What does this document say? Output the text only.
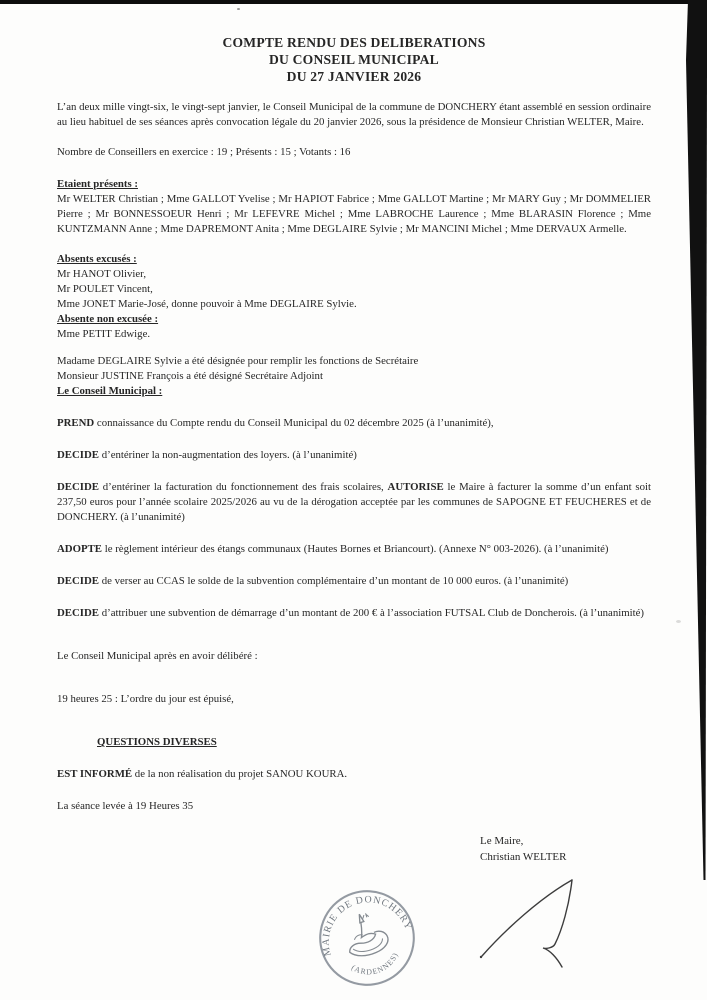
COMPTE RENDU DES DELIBERATIONS
DU CONSEIL MUNICIPAL
DU 27 JANVIER 2026

L’an deux mille vingt-six, le vingt-sept janvier, le Conseil Municipal de la commune de DONCHERY étant assemblé en session ordinaire au lieu habituel de ses séances après convocation légale du 20 janvier 2026, sous la présidence de Monsieur Christian WELTER, Maire.

Nombre de Conseillers en exercice : 19 ; Présents : 15 ; Votants : 16

Etaient présents :

Mr WELTER Christian ; Mme GALLOT Yvelise ; Mr HAPIOT Fabrice ; Mme GALLOT Martine ; Mr MARY Guy ; Mr DOMMELIER Pierre ; Mr BONNESSOEUR Henri ; Mr LEFEVRE Michel ; Mme LABROCHE Laurence ; Mme BLARASIN Florence ; Mme KUNTZMANN Anne ; Mme DAPREMONT Anita ; Mme DEGLAIRE Sylvie ; Mr MANCINI Michel ; Mme DERVAUX Armelle.

Absents excusés :

Mr HANOT Olivier,

Mr POULET Vincent,

Mme JONET Marie-José, donne pouvoir à Mme DEGLAIRE Sylvie.

Absente non excusée :

Mme PETIT Edwige.

Madame DEGLAIRE Sylvie a été désignée pour remplir les fonctions de Secrétaire

Monsieur JUSTINE François a été désigné Secrétaire Adjoint

Le Conseil Municipal :

PREND connaissance du Compte rendu du Conseil Municipal du 02 décembre 2025 (à l’unanimité),

DECIDE d’entériner la non-augmentation des loyers. (à l’unanimité)

DECIDE d’entériner la facturation du fonctionnement des frais scolaires, AUTORISE le Maire à facturer la somme d’un enfant soit 237,50 euros pour l’année scolaire 2025/2026 au vu de la dérogation acceptée par les communes de SAPOGNE ET FEUCHERES et de DONCHERY. (à l’unanimité)

ADOPTE le règlement intérieur des étangs communaux (Hautes Bornes et Briancourt). (Annexe N° 003-2026). (à l’unanimité)

DECIDE de verser au CCAS le solde de la subvention complémentaire d’un montant de 10 000 euros. (à l’unanimité)

DECIDE d’attribuer une subvention de démarrage d’un montant de 200 € à l’association FUTSAL Club de Doncherois. (à l’unanimité)

Le Conseil Municipal après en avoir délibéré :

19 heures 25 : L’ordre du jour est épuisé,

QUESTIONS DIVERSES

EST INFORMÉ de la non réalisation du projet SANOU KOURA.

La séance levée à 19 Heures 35

Le Maire,
Christian WELTER
MAIRIE DE DONCHERY
(ARDENNES)
